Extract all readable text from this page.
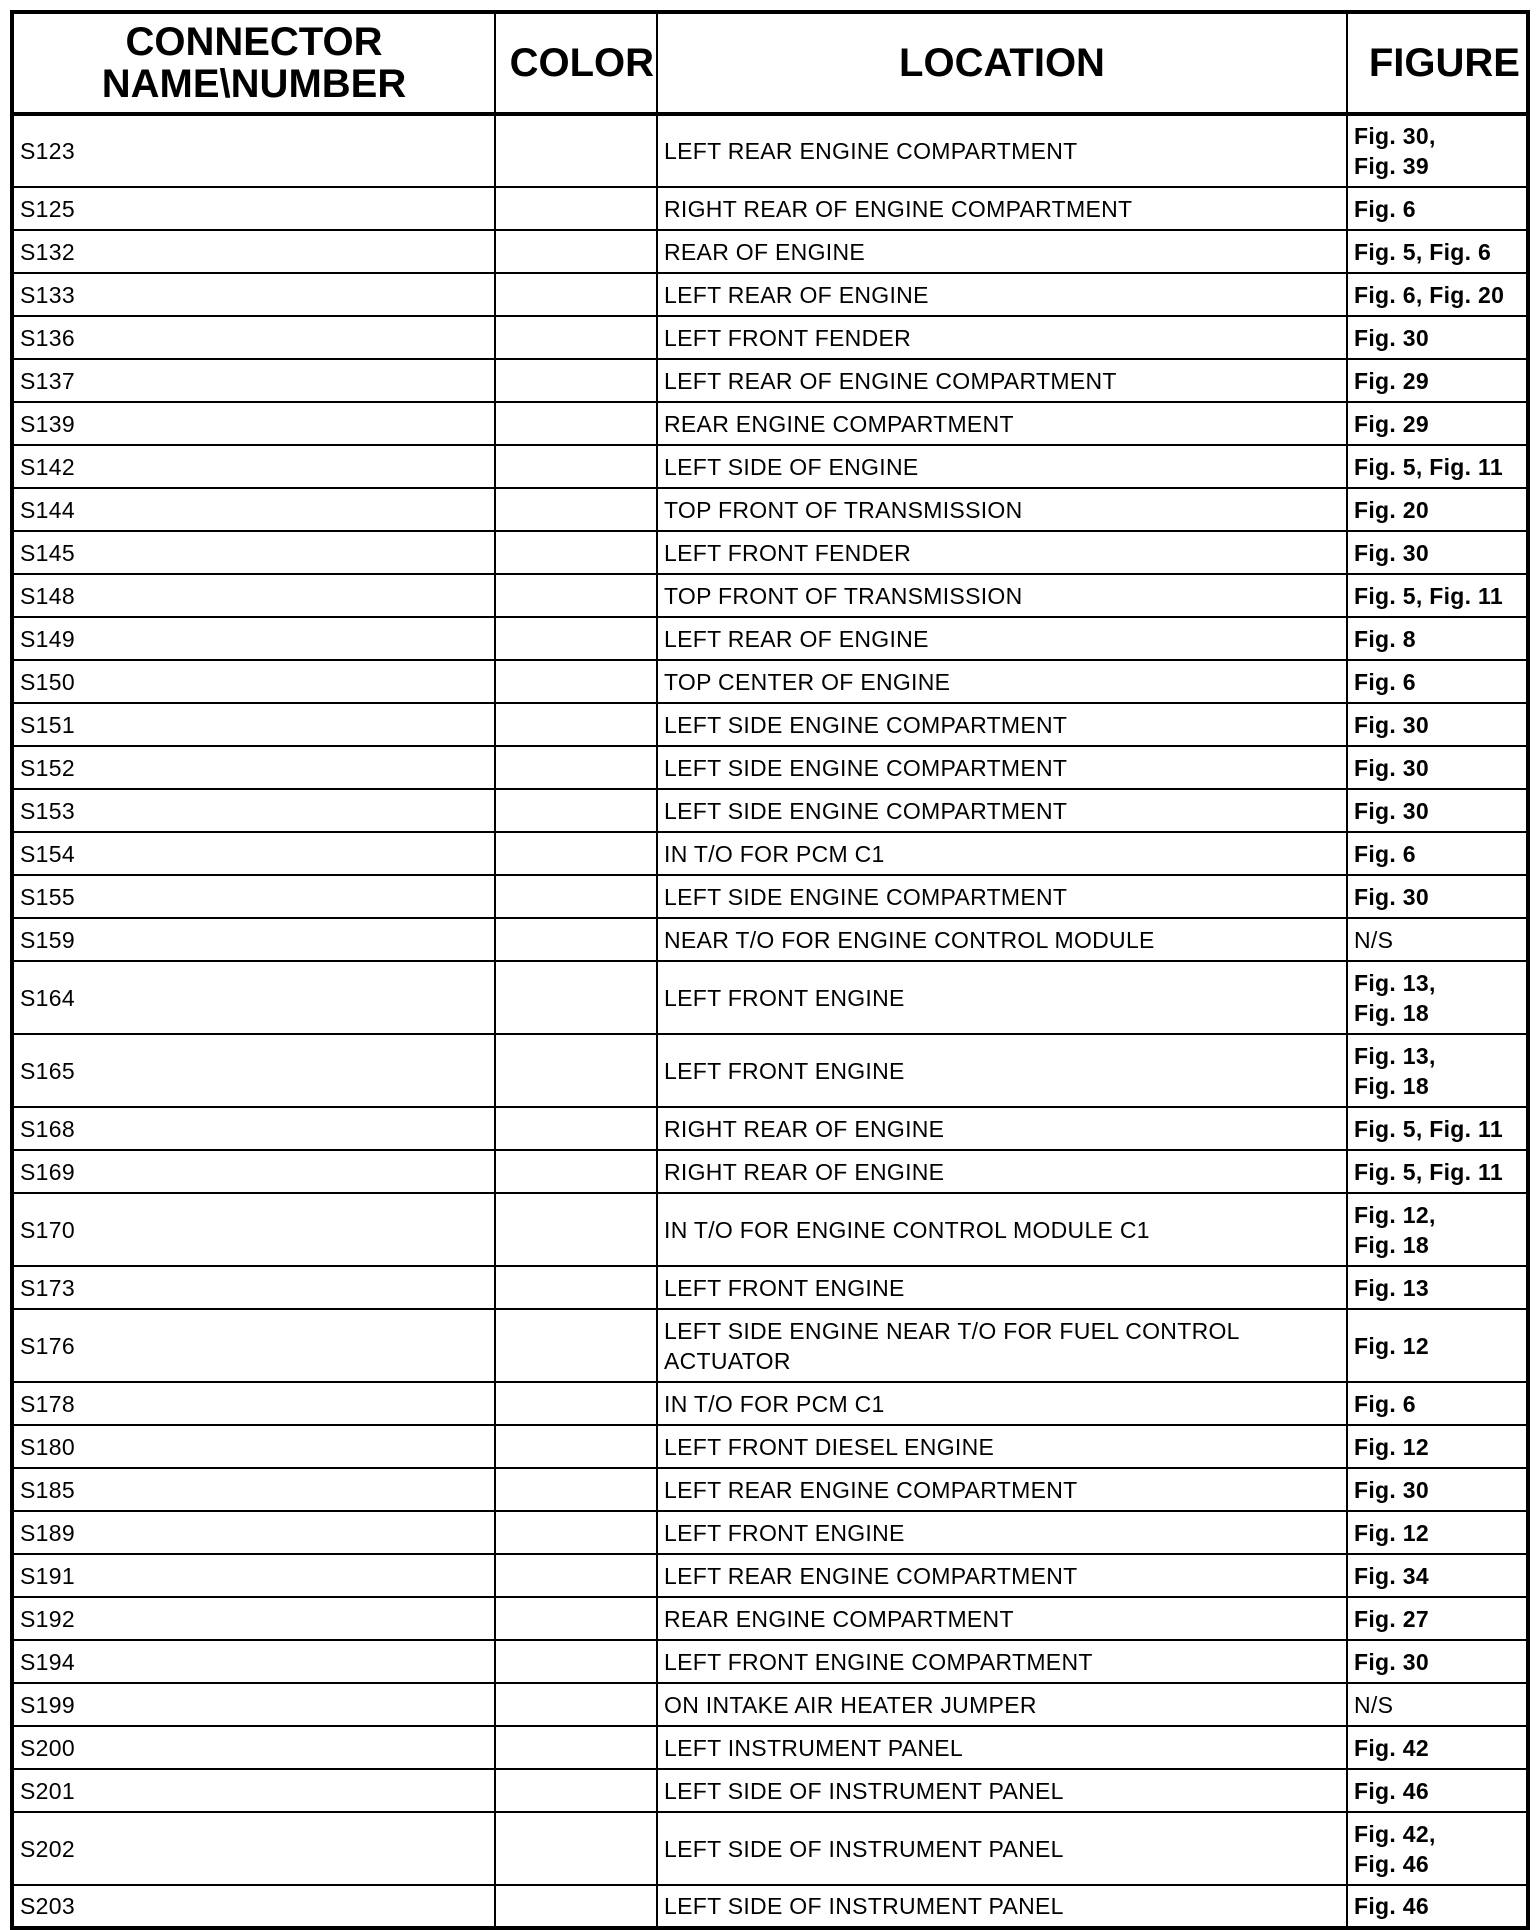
CONNECTOR
NAME\NUMBER	COLOR	LOCATION	FIGURE
S123		LEFT REAR ENGINE COMPARTMENT	Fig. 30,
Fig. 39

S125		RIGHT REAR OF ENGINE COMPARTMENT	Fig. 6

S132		REAR OF ENGINE	Fig. 5, Fig. 6

S133		LEFT REAR OF ENGINE	Fig. 6, Fig. 20

S136		LEFT FRONT FENDER	Fig. 30

S137		LEFT REAR OF ENGINE COMPARTMENT	Fig. 29

S139		REAR ENGINE COMPARTMENT	Fig. 29

S142		LEFT SIDE OF ENGINE	Fig. 5, Fig. 11

S144		TOP FRONT OF TRANSMISSION	Fig. 20

S145		LEFT FRONT FENDER	Fig. 30

S148		TOP FRONT OF TRANSMISSION	Fig. 5, Fig. 11

S149		LEFT REAR OF ENGINE	Fig. 8

S150		TOP CENTER OF ENGINE	Fig. 6

S151		LEFT SIDE ENGINE COMPARTMENT	Fig. 30

S152		LEFT SIDE ENGINE COMPARTMENT	Fig. 30

S153		LEFT SIDE ENGINE COMPARTMENT	Fig. 30

S154		IN T/O FOR PCM C1	Fig. 6

S155		LEFT SIDE ENGINE COMPARTMENT	Fig. 30

S159		NEAR T/O FOR ENGINE CONTROL MODULE	N/S

S164		LEFT FRONT ENGINE	Fig. 13,
Fig. 18

S165		LEFT FRONT ENGINE	Fig. 13,
Fig. 18

S168		RIGHT REAR OF ENGINE	Fig. 5, Fig. 11

S169		RIGHT REAR OF ENGINE	Fig. 5, Fig. 11

S170		IN T/O FOR ENGINE CONTROL MODULE C1	Fig. 12,
Fig. 18

S173		LEFT FRONT ENGINE	Fig. 13

S176		LEFT SIDE ENGINE NEAR T/O FOR FUEL CONTROL ACTUATOR	Fig. 12

S178		IN T/O FOR PCM C1	Fig. 6

S180		LEFT FRONT DIESEL ENGINE	Fig. 12

S185		LEFT REAR ENGINE COMPARTMENT	Fig. 30

S189		LEFT FRONT ENGINE	Fig. 12

S191		LEFT REAR ENGINE COMPARTMENT	Fig. 34

S192		REAR ENGINE COMPARTMENT	Fig. 27

S194		LEFT FRONT ENGINE COMPARTMENT	Fig. 30

S199		ON INTAKE AIR HEATER JUMPER	N/S

S200		LEFT INSTRUMENT PANEL	Fig. 42

S201		LEFT SIDE OF INSTRUMENT PANEL	Fig. 46

S202		LEFT SIDE OF INSTRUMENT PANEL	Fig. 42,
Fig. 46

S203		LEFT SIDE OF INSTRUMENT PANEL	Fig. 46
